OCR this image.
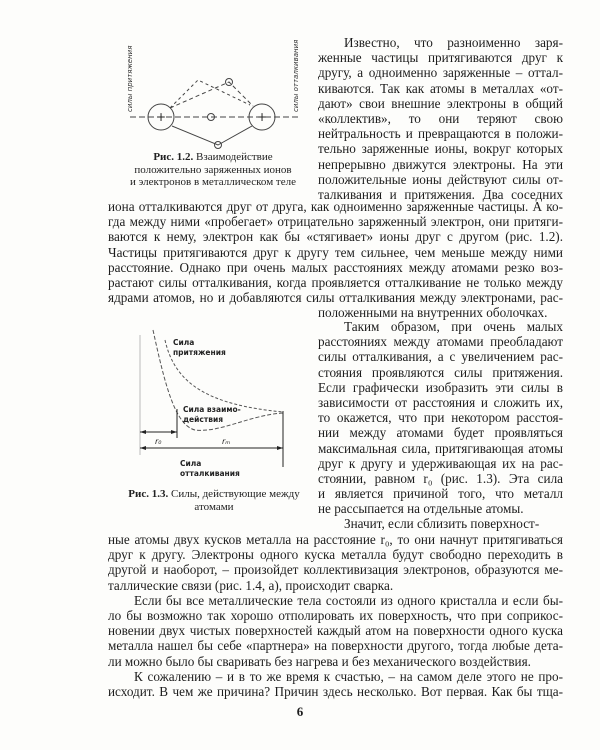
+	+
силы притяжения	силы отталкивания
Рис. 1.2. Взаимодействие
положительно заряженных ионов
и электронов в металлическом теле
Сила
притяжения
Сила взаимо-
действия
Сила
отталкивания
r₀	rₘ
Рис. 1.3. Силы, действующие между
атомами
Известно, что разноименно заря-
женные частицы притягиваются друг к
другу, а одноименно заряженные – оттал-
киваются. Так как атомы в металлах «от-
дают» свои внешние электроны в общий
«коллектив», то они теряют свою
нейтральность и превращаются в положи-
тельно заряженные ионы, вокруг которых
непрерывно движутся электроны. На эти
положительные ионы действуют силы от-
талкивания и притяжения. Два соседних
иона отталкиваются друг от друга, как одноименно заряженные частицы. А ко-
гда между ними «пробегает» отрицательно заряженный электрон, они притяги-
ваются к нему, электрон как бы «стягивает» ионы друг с другом (рис. 1.2).
Частицы притягиваются друг к другу тем сильнее, чем меньше между ними
расстояние. Однако при очень малых расстояниях между атомами резко воз-
растают силы отталкивания, когда проявляется отталкивание не только между
ядрами атомов, но и добавляются силы отталкивания между электронами, рас-
положенными на внутренних оболочках.
Таким образом, при очень малых
расстояниях между атомами преобладают
силы отталкивания, а с увеличением рас-
стояния проявляются силы притяжения.
Если графически изобразить эти силы в
зависимости от расстояния и сложить их,
то окажется, что при некотором расстоя-
нии между атомами будет проявляться
максимальная сила, притягивающая атомы
друг к другу и удерживающая их на рас-
стоянии, равном r₀ (рис. 1.3). Эта сила
и является причиной того, что металл
не рассыпается на отдельные атомы.
Значит, если сблизить поверхност-
ные атомы двух кусков металла на расстояние r₀, то они начнут притягиваться
друг к другу. Электроны одного куска металла будут свободно переходить в
другой и наоборот, – произойдет коллективизация электронов, образуются ме-
таллические связи (рис. 1.4, а), происходит сварка.
Если бы все металлические тела состояли из одного кристалла и если бы-
ло бы возможно так хорошо отполировать их поверхность, что при соприкос-
новении двух чистых поверхностей каждый атом на поверхности одного куска
металла нашел бы себе «партнера» на поверхности другого, тогда любые дета-
ли можно было бы сваривать без нагрева и без механического воздействия.
К сожалению – и в то же время к счастью, – на самом деле этого не про-
исходит. В чем же причина? Причин здесь несколько. Вот первая. Как бы тща-
6
